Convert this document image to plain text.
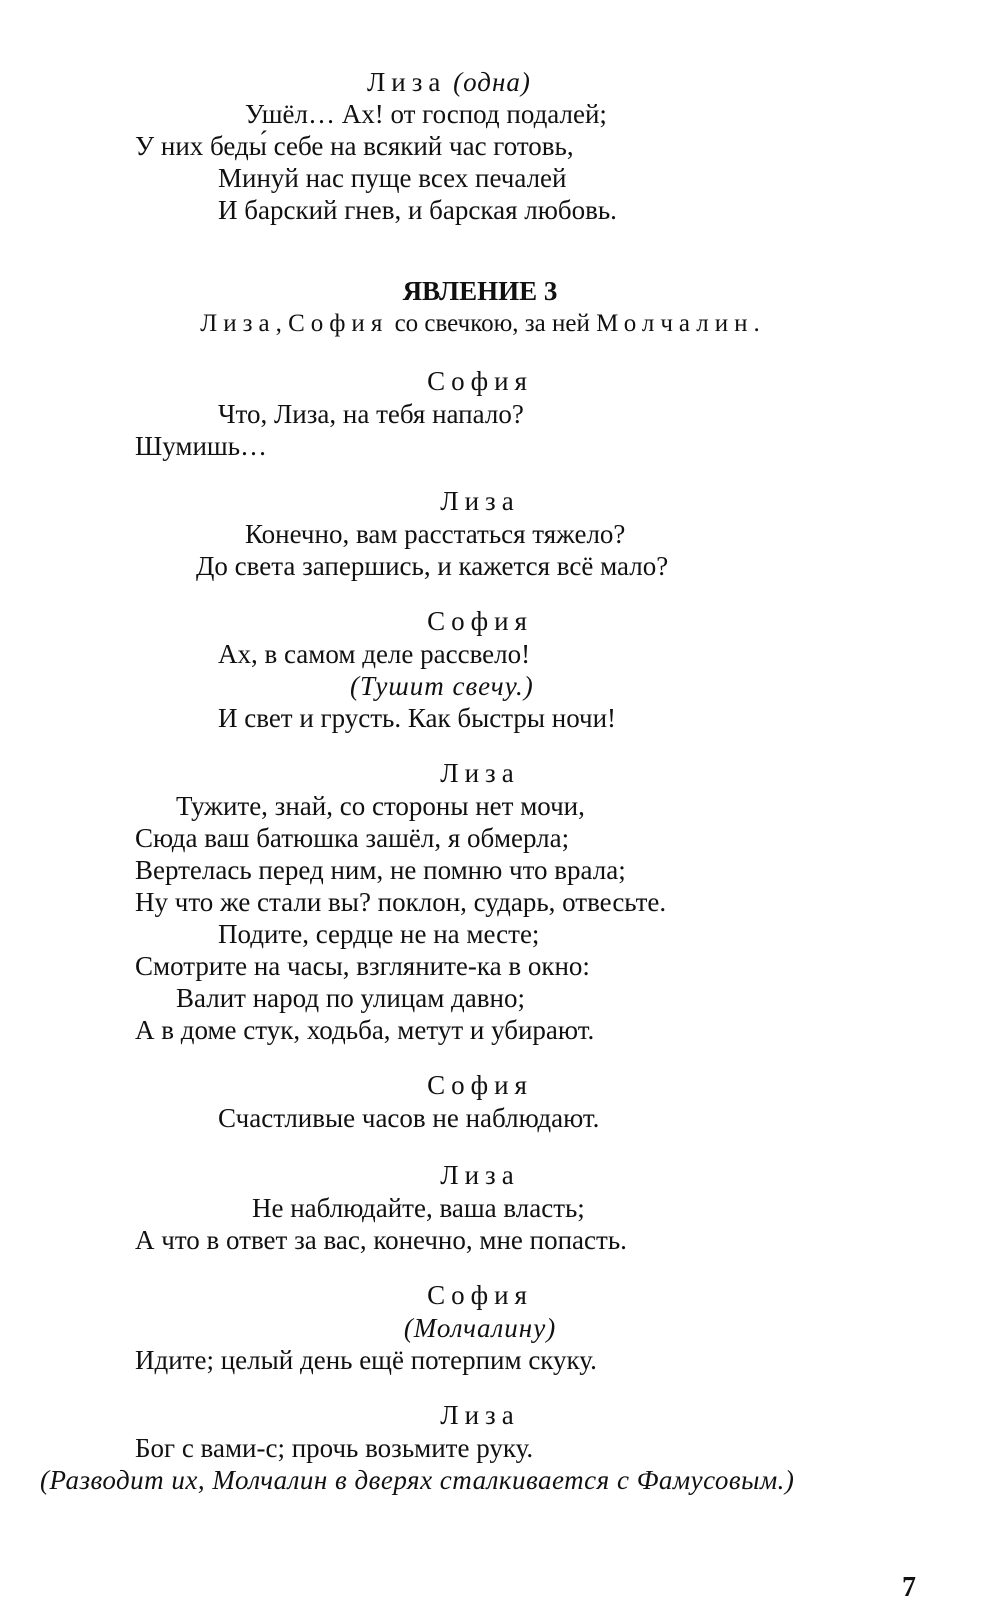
Лиза (одна)
Ушёл… Ах! от господ подалей;
У них беды́ себе на всякий час готовь,
Минуй нас пуще всех печалей
И барский гнев, и барская любовь.
ЯВЛЕНИЕ 3
Лиза, София со свечкою, за ней Молчалин.
София
Что, Лиза, на тебя напало?
Шумишь…
Лиза
Конечно, вам расстаться тяжело?
До света запершись, и кажется всё мало?
София
Ах, в самом деле рассвело!
(Тушит свечу.)
И свет и грусть. Как быстры ночи!
Лиза
Тужите, знай, со стороны нет мочи,
Сюда ваш батюшка зашёл, я обмерла;
Вертелась перед ним, не помню что врала;
Ну что же стали вы? поклон, сударь, отвесьте.
Подите, сердце не на месте;
Смотрите на часы, взгляните-ка в окно:
Валит народ по улицам давно;
А в доме стук, ходьба, метут и убирают.
София
Счастливые часов не наблюдают.
Лиза
Не наблюдайте, ваша власть;
А что в ответ за вас, конечно, мне попасть.
София
(Молчалину)
Идите; целый день ещё потерпим скуку.
Лиза
Бог с вами-с; прочь возьмите руку.
(Разводит их, Молчалин в дверях сталкивается с Фамусовым.)
7
